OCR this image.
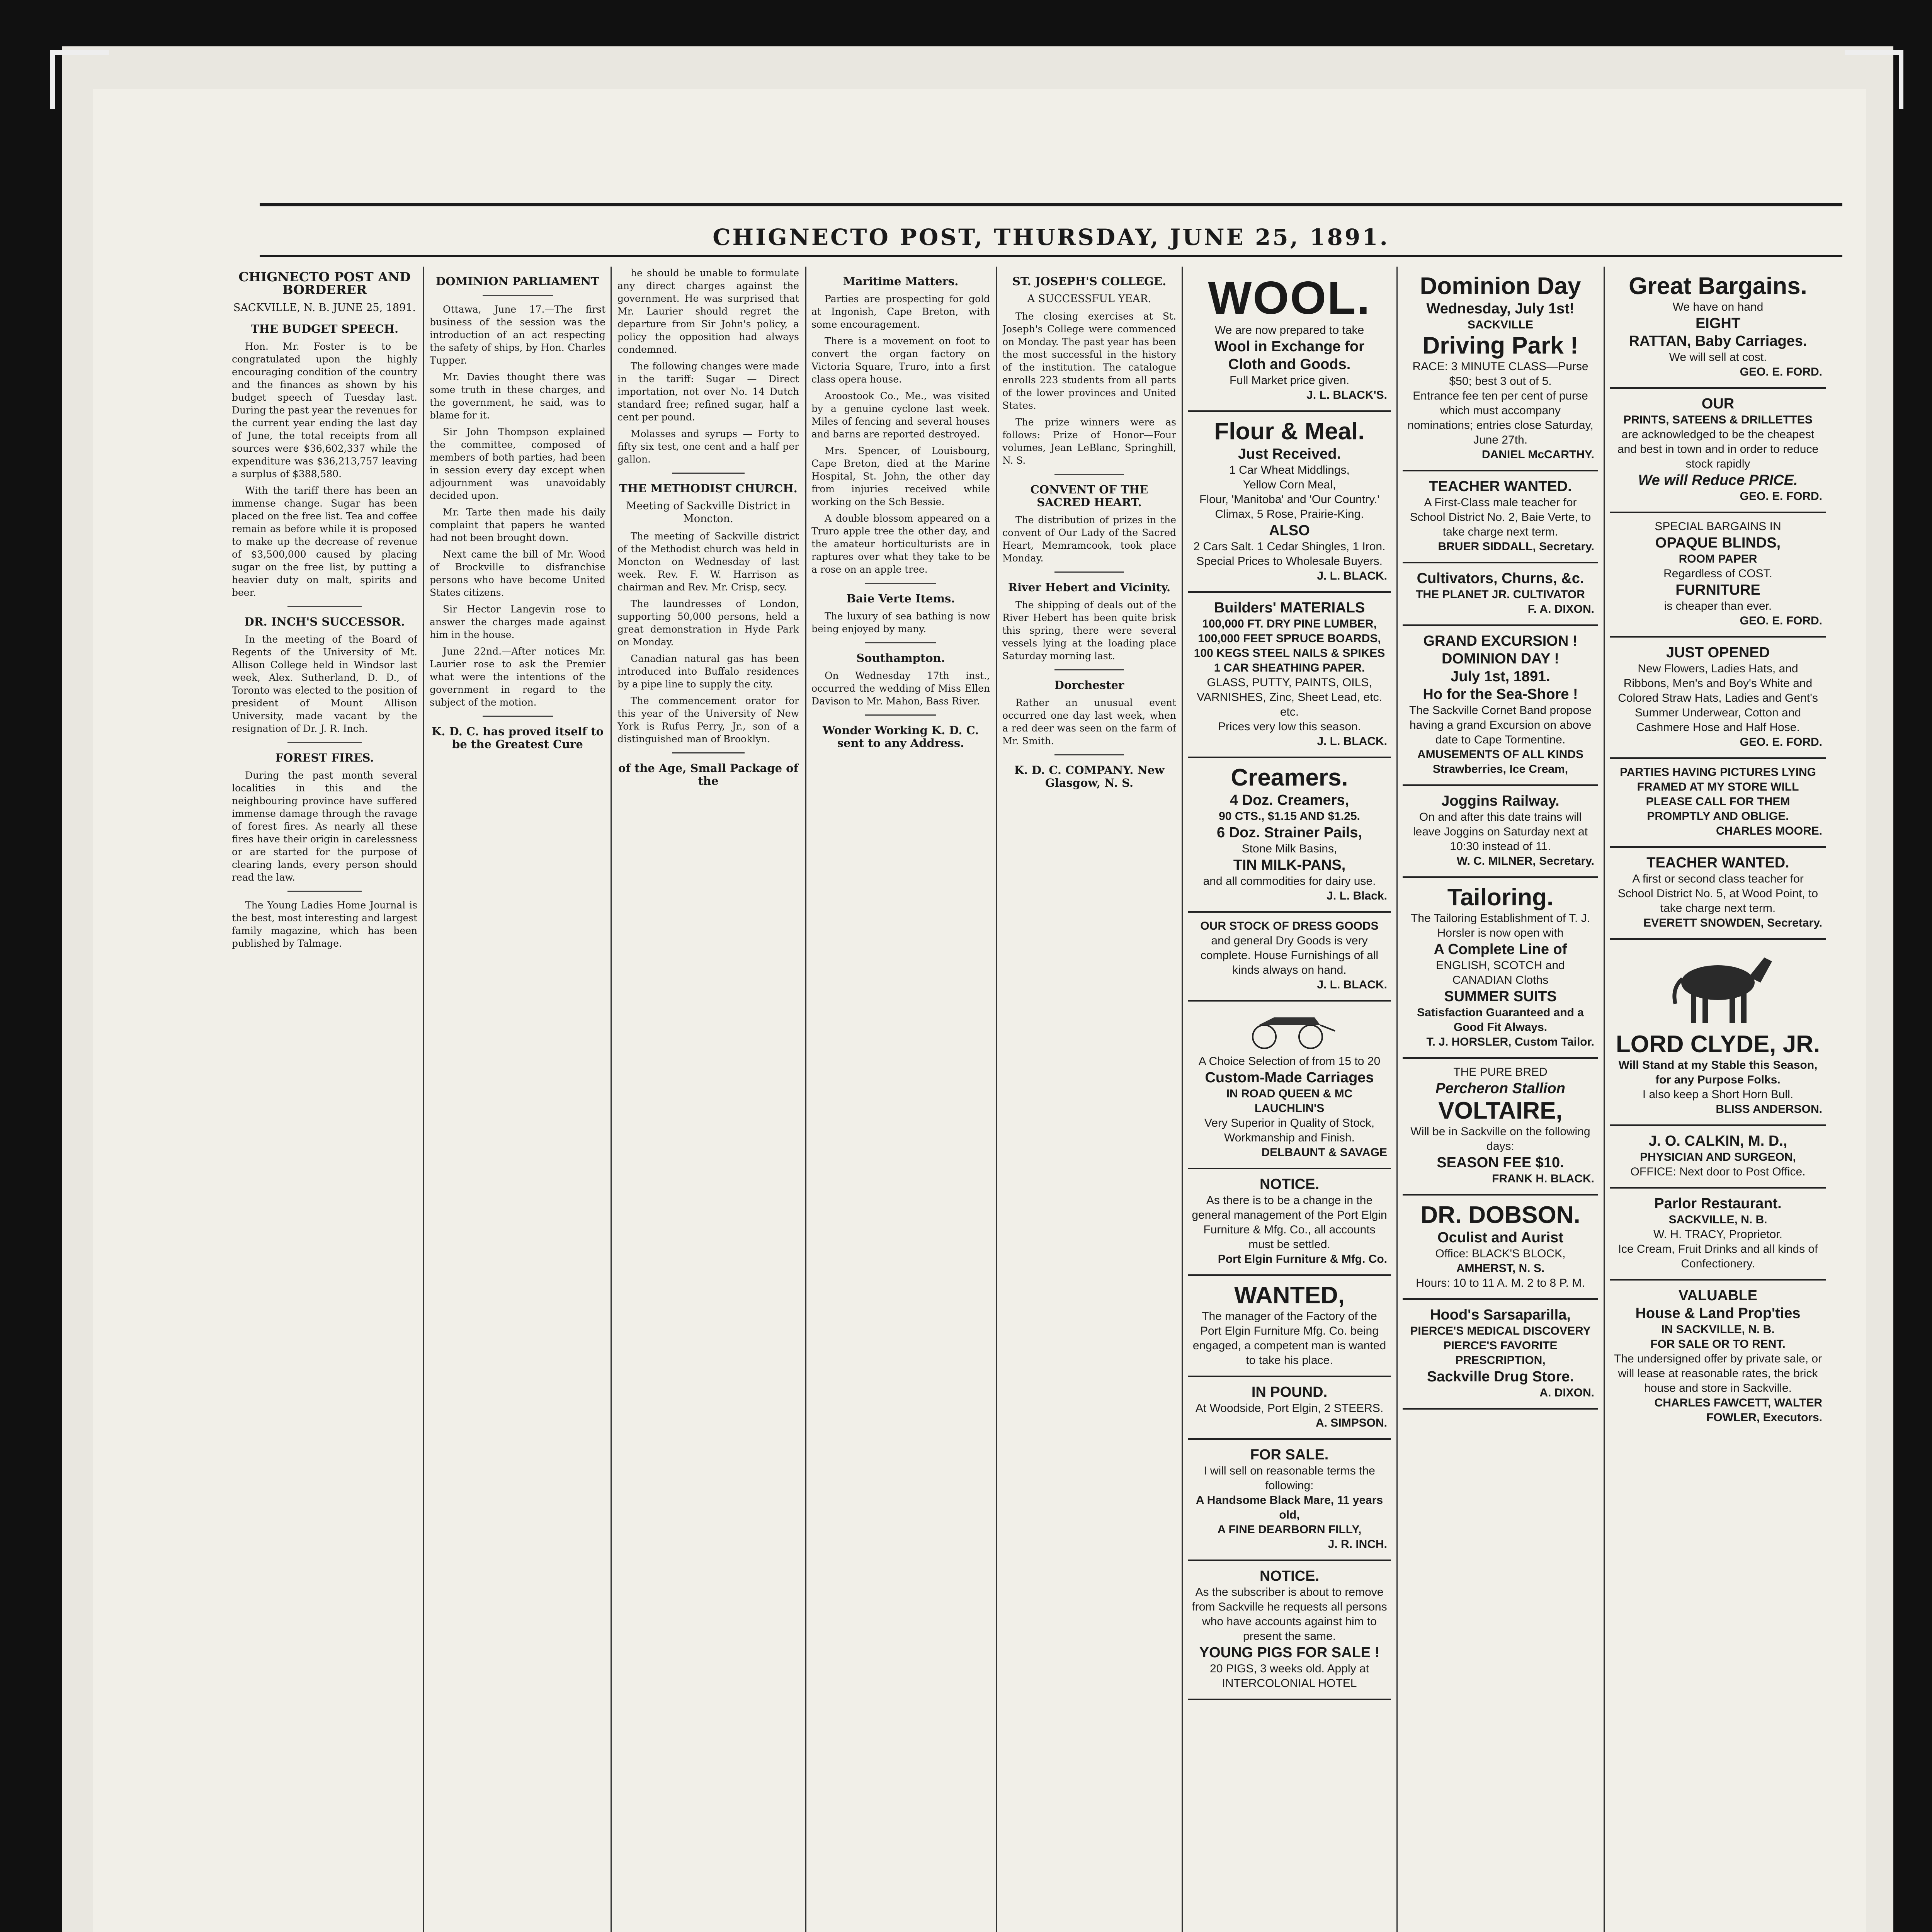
CHIGNECTO POST, THURSDAY, JUNE 25, 1891.
CHIGNECTO POST AND BORDERER
SACKVILLE, N. B. JUNE 25, 1891.
THE BUDGET SPEECH.

Hon. Mr. Foster is to be congratulated upon the highly encouraging condition of the country and the finances as shown by his budget speech of Tuesday last. During the past year the revenues for the current year ending the last day of June, the total receipts from all sources were $36,602,337 while the expenditure was $36,213,757 leaving a surplus of $388,580.

With the tariff there has been an immense change. Sugar has been placed on the free list. Tea and coffee remain as before while it is proposed to make up the decrease of revenue of $3,500,000 caused by placing sugar on the free list, by putting a heavier duty on malt, spirits and beer.

DR. INCH'S SUCCESSOR.

In the meeting of the Board of Regents of the University of Mt. Allison College held in Windsor last week, Alex. Sutherland, D. D., of Toronto was elected to the position of president of Mount Allison University, made vacant by the resignation of Dr. J. R. Inch.

FOREST FIRES.

During the past month several localities in this and the neighbouring province have suffered immense damage through the ravage of forest fires. As nearly all these fires have their origin in carelessness or are started for the purpose of clearing lands, every person should read the law.

The Young Ladies Home Journal is the best, most interesting and largest family magazine, which has been published by Talmage.

DOMINION PARLIAMENT

Ottawa, June 17.—The first business of the session was the introduction of an act respecting the safety of ships, by Hon. Charles Tupper.

Mr. Davies thought there was some truth in these charges, and the government, he said, was to blame for it.

Sir John Thompson explained the committee, composed of members of both parties, had been in session every day except when adjournment was unavoidably decided upon.

Mr. Tarte then made his daily complaint that papers he wanted had not been brought down.

Next came the bill of Mr. Wood of Brockville to disfranchise persons who have become United States citizens.

Sir Hector Langevin rose to answer the charges made against him in the house.

June 22nd.—After notices Mr. Laurier rose to ask the Premier what were the intentions of the government in regard to the subject of the motion.

K. D. C. has proved itself to be the Greatest Cure

he should be unable to formulate any direct charges against the government. He was surprised that Mr. Laurier should regret the departure from Sir John's policy, a policy the opposition had always condemned.

The following changes were made in the tariff: Sugar — Direct importation, not over No. 14 Dutch standard free; refined sugar, half a cent per pound.

Molasses and syrups — Forty to fifty six test, one cent and a half per gallon.

THE METHODIST CHURCH.
Meeting of Sackville District in Moncton.

The meeting of Sackville district of the Methodist church was held in Moncton on Wednesday of last week. Rev. F. W. Harrison as chairman and Rev. Mr. Crisp, secy.

The laundresses of London, supporting 50,000 persons, held a great demonstration in Hyde Park on Monday.

Canadian natural gas has been introduced into Buffalo residences by a pipe line to supply the city.

The commencement orator for this year of the University of New York is Rufus Perry, Jr., son of a distinguished man of Brooklyn.

of the Age, Small Package of the
Maritime Matters.

Parties are prospecting for gold at Ingonish, Cape Breton, with some encouragement.

There is a movement on foot to convert the organ factory on Victoria Square, Truro, into a first class opera house.

Aroostook Co., Me., was visited by a genuine cyclone last week. Miles of fencing and several houses and barns are reported destroyed.

Mrs. Spencer, of Louisbourg, Cape Breton, died at the Marine Hospital, St. John, the other day from injuries received while working on the Sch Bessie.

A double blossom appeared on a Truro apple tree the other day, and the amateur horticulturists are in raptures over what they take to be a rose on an apple tree.

Baie Verte Items.

The luxury of sea bathing is now being enjoyed by many.

Southampton.

On Wednesday 17th inst., occurred the wedding of Miss Ellen Davison to Mr. Mahon, Bass River.

Wonder Working K. D. C. sent to any Address.
ST. JOSEPH'S COLLEGE.
A SUCCESSFUL YEAR.

The closing exercises at St. Joseph's College were commenced on Monday. The past year has been the most successful in the history of the institution. The catalogue enrolls 223 students from all parts of the lower provinces and United States.

The prize winners were as follows: Prize of Honor—Four volumes, Jean LeBlanc, Springhill, N. S.

CONVENT OF THE SACRED HEART.

The distribution of prizes in the convent of Our Lady of the Sacred Heart, Memramcook, took place Monday.

River Hebert and Vicinity.

The shipping of deals out of the River Hebert has been quite brisk this spring, there were several vessels lying at the loading place Saturday morning last.

Dorchester

Rather an unusual event occurred one day last week, when a red deer was seen on the farm of Mr. Smith.

K. D. C. COMPANY. New Glasgow, N. S.
WOOL.
We are now prepared to take
Wool in Exchange for
Cloth and Goods.
Full Market price given.
J. L. BLACK'S.
Flour & Meal.
Just Received.
1 Car Wheat Middlings,
Yellow Corn Meal,
Flour, 'Manitoba' and 'Our Country.'
Climax, 5 Rose, Prairie-King.
ALSO
2 Cars Salt. 1 Cedar Shingles, 1 Iron.
Special Prices to Wholesale Buyers.
J. L. BLACK.
Builders' MATERIALS
100,000 FT. DRY PINE LUMBER,
100,000 FEET SPRUCE BOARDS,
100 KEGS STEEL NAILS & SPIKES
1 CAR SHEATHING PAPER.
GLASS, PUTTY, PAINTS, OILS, VARNISHES, Zinc, Sheet Lead, etc. etc.
Prices very low this season.
J. L. BLACK.
Creamers.
4 Doz. Creamers,
90 CTS., $1.15 AND $1.25.
6 Doz. Strainer Pails,
Stone Milk Basins,
TIN MILK-PANS,
and all commodities for dairy use.
J. L. Black.
OUR STOCK OF DRESS GOODS
and general Dry Goods is very complete. House Furnishings of all kinds always on hand.
J. L. BLACK.
A Choice Selection of from 15 to 20
Custom-Made Carriages
IN ROAD QUEEN & MC LAUCHLIN'S
Very Superior in Quality of Stock, Workmanship and Finish.
DELBAUNT & SAVAGE
NOTICE.
As there is to be a change in the general management of the Port Elgin Furniture & Mfg. Co., all accounts must be settled.
Port Elgin Furniture & Mfg. Co.
WANTED,
The manager of the Factory of the Port Elgin Furniture Mfg. Co. being engaged, a competent man is wanted to take his place.
IN POUND.
At Woodside, Port Elgin, 2 STEERS.
A. SIMPSON.
FOR SALE.
I will sell on reasonable terms the following:
A Handsome Black Mare, 11 years old,
A FINE DEARBORN FILLY,
J. R. INCH.
NOTICE.
As the subscriber is about to remove from Sackville he requests all persons who have accounts against him to present the same.
YOUNG PIGS FOR SALE !
20 PIGS, 3 weeks old. Apply at INTERCOLONIAL HOTEL
Dominion Day
Wednesday, July 1st!
SACKVILLE
Driving Park !
RACE: 3 MINUTE CLASS—Purse $50; best 3 out of 5.
Entrance fee ten per cent of purse which must accompany nominations; entries close Saturday, June 27th.
DANIEL McCARTHY.
TEACHER WANTED.
A First-Class male teacher for School District No. 2, Baie Verte, to take charge next term.
BRUER SIDDALL, Secretary.
Cultivators, Churns, &c.
THE PLANET JR. CULTIVATOR
F. A. DIXON.
GRAND EXCURSION !
DOMINION DAY !
July 1st, 1891.
Ho for the Sea-Shore !
The Sackville Cornet Band propose having a grand Excursion on above date to Cape Tormentine.
AMUSEMENTS OF ALL KINDS
Strawberries, Ice Cream,
Joggins Railway.
On and after this date trains will leave Joggins on Saturday next at 10:30 instead of 11.
W. C. MILNER, Secretary.
Tailoring.
The Tailoring Establishment of T. J. Horsler is now open with
A Complete Line of
ENGLISH, SCOTCH and CANADIAN Cloths
SUMMER SUITS
Satisfaction Guaranteed and a Good Fit Always.
T. J. HORSLER, Custom Tailor.
THE PURE BRED
Percheron Stallion
VOLTAIRE,
Will be in Sackville on the following days:
SEASON FEE $10.
FRANK H. BLACK.
DR. DOBSON.
Oculist and Aurist
Office: BLACK'S BLOCK,
AMHERST, N. S.
Hours: 10 to 11 A. M. 2 to 8 P. M.
Hood's Sarsaparilla,
PIERCE'S MEDICAL DISCOVERY
PIERCE'S FAVORITE PRESCRIPTION,
Sackville Drug Store.
A. DIXON.
Great Bargains.
We have on hand
EIGHT
RATTAN, Baby Carriages.
We will sell at cost.
GEO. E. FORD.
OUR
PRINTS, SATEENS & DRILLETTES
are acknowledged to be the cheapest and best in town and in order to reduce stock rapidly
We will Reduce PRICE.
GEO. E. FORD.
SPECIAL BARGAINS IN
OPAQUE BLINDS,
ROOM PAPER
Regardless of COST.
FURNITURE
is cheaper than ever.
GEO. E. FORD.
JUST OPENED
New Flowers, Ladies Hats, and Ribbons, Men's and Boy's White and Colored Straw Hats, Ladies and Gent's Summer Underwear, Cotton and Cashmere Hose and Half Hose.
GEO. E. FORD.
PARTIES HAVING PICTURES LYING FRAMED AT MY STORE WILL PLEASE CALL FOR THEM PROMPTLY AND OBLIGE.
CHARLES MOORE.
TEACHER WANTED.
A first or second class teacher for School District No. 5, at Wood Point, to take charge next term.
EVERETT SNOWDEN, Secretary.
LORD CLYDE, JR.
Will Stand at my Stable this Season, for any Purpose Folks.
I also keep a Short Horn Bull.
BLISS ANDERSON.
J. O. CALKIN, M. D.,
PHYSICIAN AND SURGEON,
OFFICE: Next door to Post Office.
Parlor Restaurant.
SACKVILLE, N. B.
W. H. TRACY, Proprietor.
Ice Cream, Fruit Drinks and all kinds of Confectionery.
VALUABLE
House & Land Prop'ties
IN SACKVILLE, N. B.
FOR SALE OR TO RENT.
The undersigned offer by private sale, or will lease at reasonable rates, the brick house and store in Sackville.
CHARLES FAWCETT, WALTER FOWLER, Executors.
